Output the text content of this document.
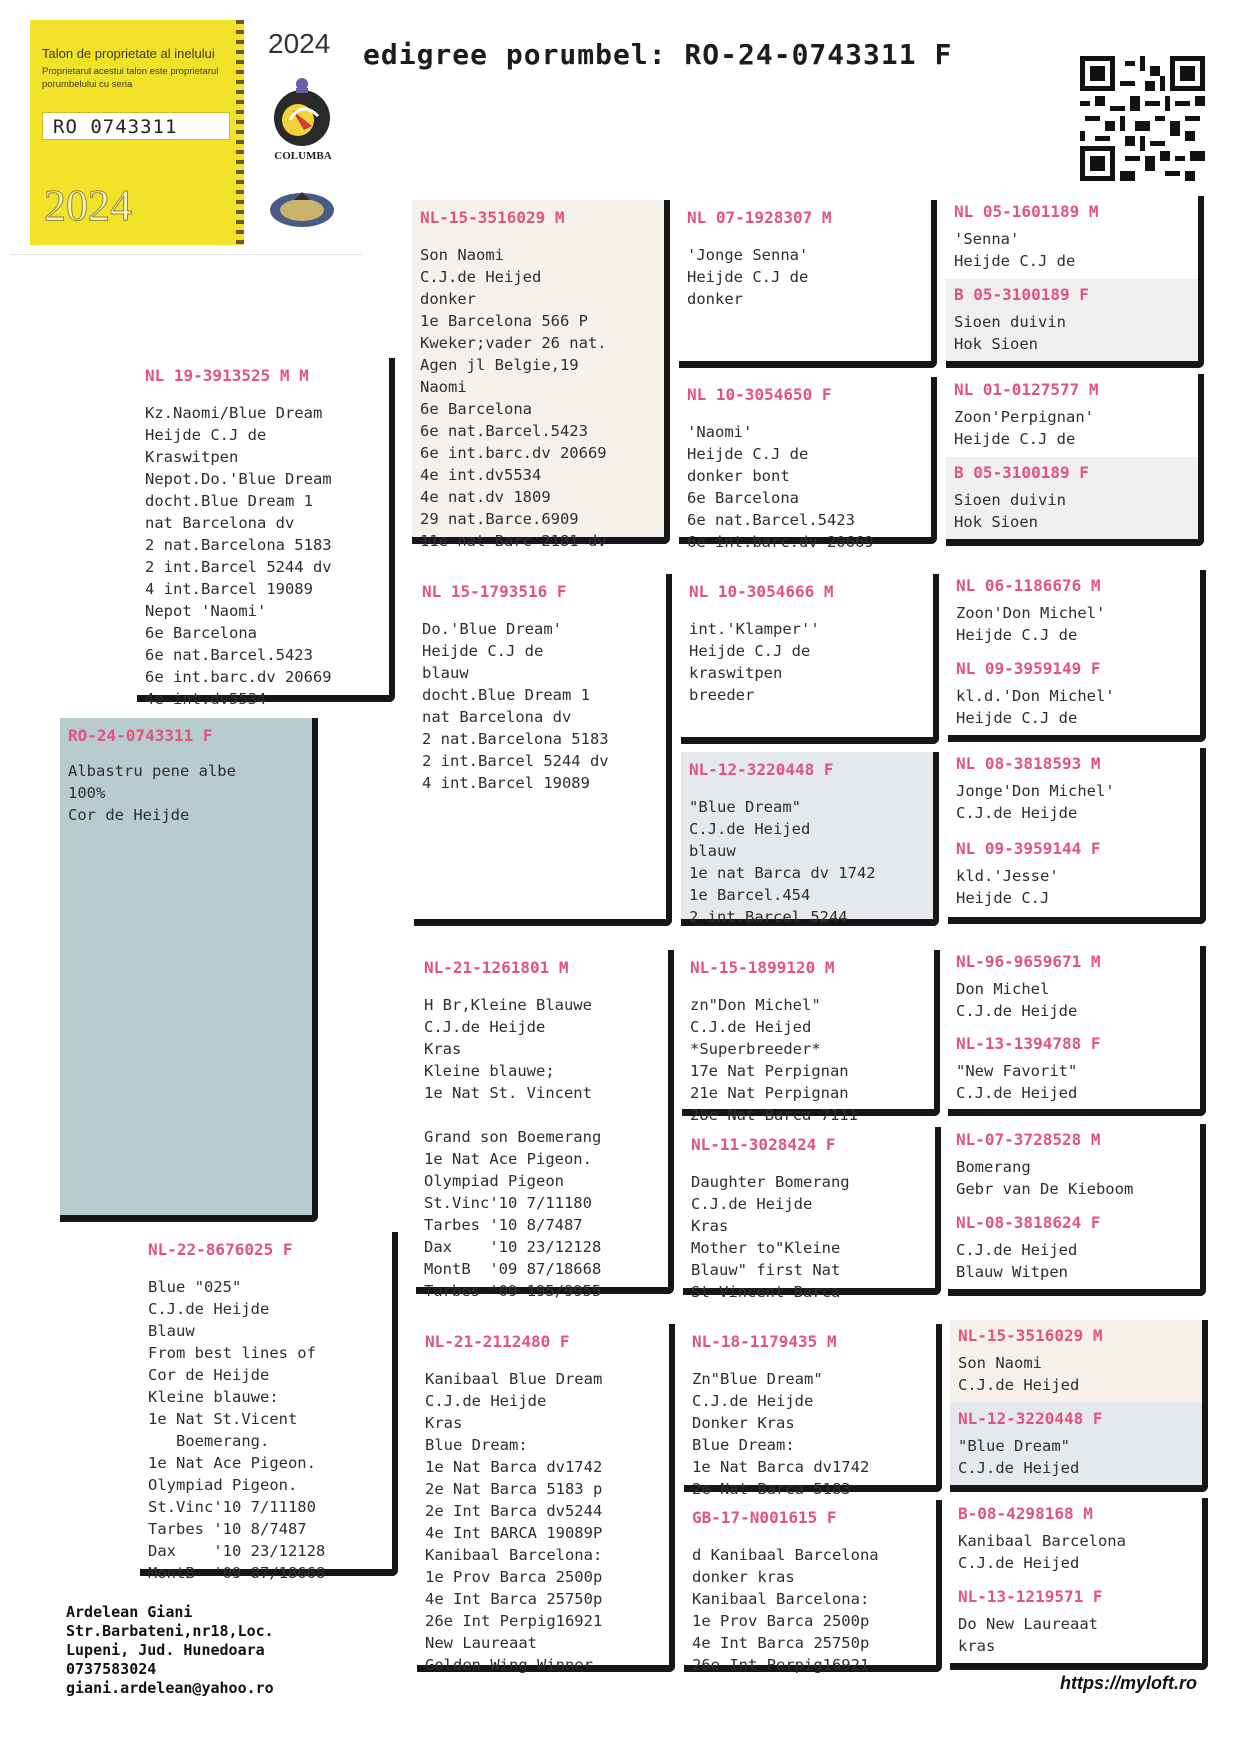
edigree porumbel: RO-24-0743311 F
Talon de proprietate al inelului
Proprietarul acestui talon este proprietarul porumbelului cu seria
RO 0743311
2024
2024
COLUMBA
RO-24-0743311 F
Albastru pene albe
100%
Cor de Heijde
NL 19-3913525 M M
Kz.Naomi/Blue Dream
Heijde C.J de
Kraswitpen
Nepot.Do.'Blue Dream
docht.Blue Dream 1
nat Barcelona dv
2 nat.Barcelona 5183
2 int.Barcel 5244 dv
4 int.Barcel 19089
Nepot 'Naomi'
6e Barcelona
6e nat.Barcel.5423
6e int.barc.dv 20669
4e int.dv5534
NL-22-8676025 F
Blue "025"
C.J.de Heijde
Blauw
From best lines of
Cor de Heijde
Kleine blauwe:
1e Nat St.Vicent
Boemerang.
1e Nat Ace Pigeon.
Olympiad Pigeon.
St.Vinc'10 7/11180
Tarbes '10 8/7487
Dax    '10 23/12128
MontB  '09 87/18668
NL-15-3516029 M
Son Naomi
C.J.de Heijed
donker
1e Barcelona 566 P
Kweker;vader 26 nat.
Agen jl Belgie,19
Naomi
6e Barcelona
6e nat.Barcel.5423
6e int.barc.dv 20669
4e int.dv5534
4e nat.dv 1809
29 nat.Barce.6909
11e nat Barc 2181 dv
NL 15-1793516 F
Do.'Blue Dream'
Heijde C.J de
blauw
docht.Blue Dream 1
nat Barcelona dv
2 nat.Barcelona 5183
2 int.Barcel 5244 dv
4 int.Barcel 19089
NL-21-1261801 M
H Br,Kleine Blauwe
C.J.de Heijde
Kras
Kleine blauwe;
1e Nat St. Vincent

Grand son Boemerang
1e Nat Ace Pigeon.
Olympiad Pigeon
St.Vinc'10 7/11180
Tarbes '10 8/7487
Dax    '10 23/12128
MontB  '09 87/18668
Tarbes '09 195/9955
NL-21-2112480 F
Kanibaal Blue Dream
C.J.de Heijde
Kras
Blue Dream:
1e Nat Barca dv1742
2e Nat Barca 5183 p
2e Int Barca dv5244
4e Int BARCA 19089P
Kanibaal Barcelona:
1e Prov Barca 2500p
4e Int Barca 25750p
26e Int Perpig16921
New Laureaat
Golden Wing Winner
NL 07-1928307 M
'Jonge Senna'
Heijde C.J de
donker
NL 10-3054650 F
'Naomi'
Heijde C.J de
donker bont
6e Barcelona
6e nat.Barcel.5423
6e int.barc.dv 20669
NL 10-3054666 M
int.'Klamper''
Heijde C.J de
kraswitpen
breeder
NL-12-3220448 F
"Blue Dream"
C.J.de Heijed
blauw
1e nat Barca dv 1742
1e Barcel.454
2 int.Barcel 5244
NL-15-1899120 M
zn"Don Michel"
C.J.de Heijed
*Superbreeder*
17e Nat Perpignan
21e Nat Perpignan
28e Nat Barca 7111
NL-11-3028424 F
Daughter Bomerang
C.J.de Heijde
Kras
Mother to"Kleine
Blauw" first Nat
St Vincent Barca
NL-18-1179435 M
Zn"Blue Dream"
C.J.de Heijde
Donker Kras
Blue Dream:
1e Nat Barca dv1742
2e Nat Barca 5183
GB-17-N001615 F
d Kanibaal Barcelona
donker kras
Kanibaal Barcelona:
1e Prov Barca 2500p
4e Int Barca 25750p
26e Int Perpig16921
NL 05-1601189 M
'Senna'
Heijde C.J de
B 05-3100189 F
Sioen duivin
Hok Sioen
NL 01-0127577 M
Zoon'Perpignan'
Heijde C.J de
B 05-3100189 F
Sioen duivin
Hok Sioen
NL 06-1186676 M
Zoon'Don Michel'
Heijde C.J de
NL 09-3959149 F
kl.d.'Don Michel'
Heijde C.J de
NL 08-3818593 M
Jonge'Don Michel'
C.J.de Heijde
NL 09-3959144 F
kld.'Jesse'
Heijde C.J
NL-96-9659671 M
Don Michel
C.J.de Heijde
NL-13-1394788 F
"New Favorit"
C.J.de Heijed
NL-07-3728528 M
Bomerang
Gebr van De Kieboom
NL-08-3818624 F
C.J.de Heijed
Blauw Witpen
NL-15-3516029 M
Son Naomi
C.J.de Heijed
NL-12-3220448 F
"Blue Dream"
C.J.de Heijed
B-08-4298168 M
Kanibaal Barcelona
C.J.de Heijed
NL-13-1219571 F
Do New Laureaat
kras
Ardelean Giani
Str.Barbateni,nr18,Loc.
Lupeni, Jud. Hunedoara
0737583024
giani.ardelean@yahoo.ro	https://myloft.ro
